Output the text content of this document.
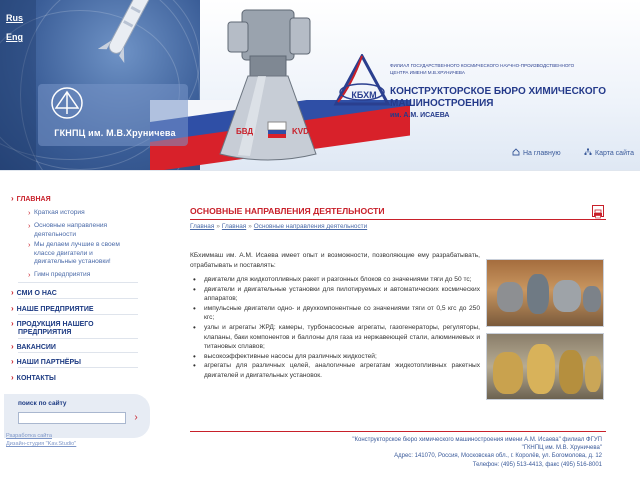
Rus
Eng
ГКНПЦ им. М.В.Хруничева	БВД	KVD
КБХМ
ФИЛИАЛ ГОСУДАРСТВЕННОГО КОСМИЧЕСКОГО НАУЧНО-ПРОИЗВОДСТВЕННОГО ЦЕНТРА ИМЕНИ М.В.ХРУНИЧЕВА
КОНСТРУКТОРСКОЕ БЮРО ХИМИЧЕСКОГО МАШИНОСТРОЕНИЯ
им. А.М. ИСАЕВА
На главную	Карта сайта
› ГЛАВНАЯ
› Краткая история
› Основные направления деятельности
› Мы делаем лучшие в своем классе двигатели и двигательные установки!
› Гимн предприятия
› СМИ О НАС
› НАШЕ ПРЕДПРИЯТИЕ
› ПРОДУКЦИЯ НАШЕГО ПРЕДПРИЯТИЯ
› ВАКАНСИИ
› НАШИ ПАРТНЁРЫ
› КОНТАКТЫ
поиск по сайту
›
Разработка сайта
Дизайн-студия "Kav.Studio"
ОСНОВНЫЕ НАПРАВЛЕНИЯ ДЕЯТЕЛЬНОСТИ
Главная » Главная » Основные направления деятельности
КБхиммаш им. А.М. Исаева имеет опыт и возможности, позволяющие ему разрабатывать, отрабатывать и поставлять:
• двигатели для жидкотопливных ракет и разгонных блоков со значениями тяги до 50 тс;
• двигатели и двигательные установки для пилотируемых и автоматических космических аппаратов;
• импульсные двигатели одно- и двухкомпонентные со значениями тяги от 0,5 кгс до 250 кгс;
• узлы и агрегаты ЖРД: камеры, турбонасосные агрегаты, газогенераторы, регуляторы, клапаны, баки компонентов и баллоны для газа из нержавеющей стали, алюминиевых и титановых сплавов;
• высокоэффективные насосы для различных жидкостей;
• агрегаты для различных целей, аналогичные агрегатам жидкотопливных ракетных двигателей и двигательных установок.
"Конструкторское бюро химического машиностроения имени А.М. Исаева" филиал ФГУП
"ГКНПЦ им. М.В. Хруничева"
Адрес: 141070, Россия, Московская обл., г. Королёв, ул. Богомолова, д. 12
Телефон: (495) 513-4413, факс (495) 516-8001
